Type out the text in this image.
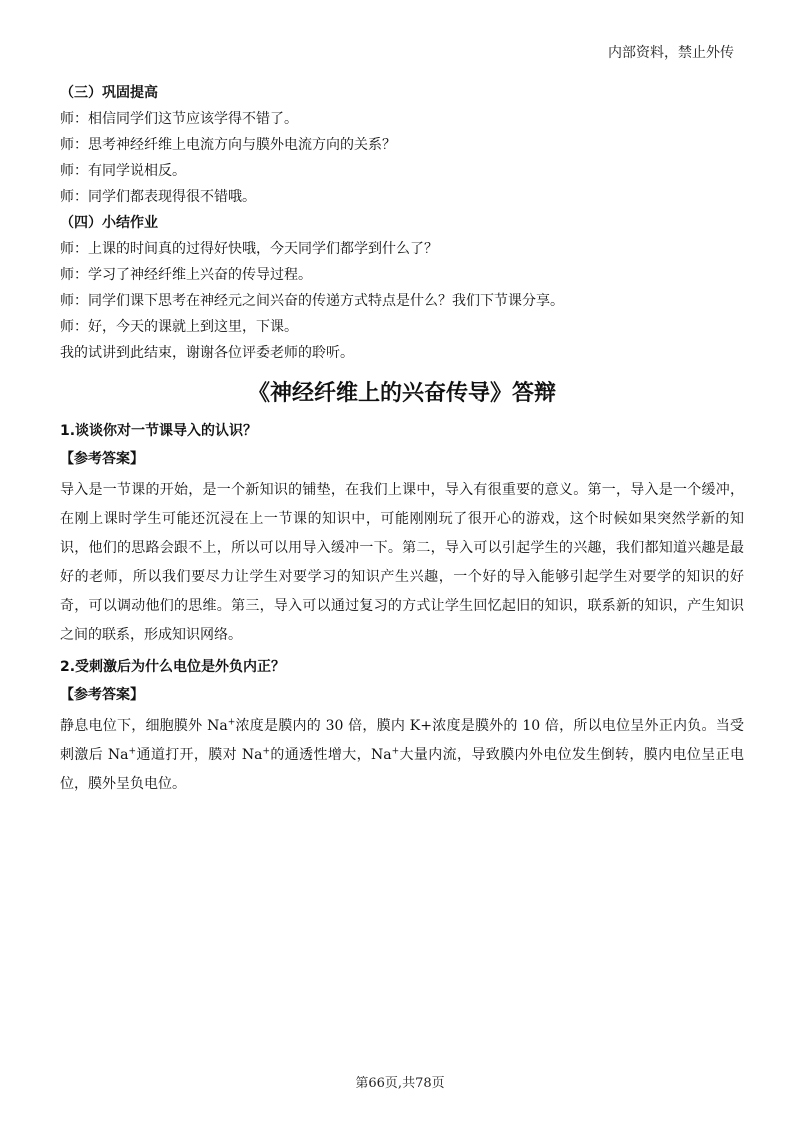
内部资料，禁止外传

（三）巩固提高

师：相信同学们这节应该学得不错了。

师：思考神经纤维上电流方向与膜外电流方向的关系？

师：有同学说相反。

师：同学们都表现得很不错哦。

（四）小结作业

师：上课的时间真的过得好快哦，今天同学们都学到什么了？

师：学习了神经纤维上兴奋的传导过程。

师：同学们课下思考在神经元之间兴奋的传递方式特点是什么？我们下节课分享。

师：好，今天的课就上到这里，下课。

我的试讲到此结束，谢谢各位评委老师的聆听。

《神经纤维上的兴奋传导》答辩

1.谈谈你对一节课导入的认识？

【参考答案】

导入是一节课的开始，是一个新知识的铺垫，在我们上课中，导入有很重要的意义。第一，导入是一个缓冲，在刚上课时学生可能还沉浸在上一节课的知识中，可能刚刚玩了很开心的游戏，这个时候如果突然学新的知识，他们的思路会跟不上，所以可以用导入缓冲一下。第二，导入可以引起学生的兴趣，我们都知道兴趣是最好的老师，所以我们要尽力让学生对要学习的知识产生兴趣，一个好的导入能够引起学生对要学的知识的好奇，可以调动他们的思维。第三，导入可以通过复习的方式让学生回忆起旧的知识，联系新的知识，产生知识之间的联系，形成知识网络。

2.受刺激后为什么电位是外负内正？

【参考答案】

静息电位下，细胞膜外 Na+浓度是膜内的 30 倍，膜内 K+浓度是膜外的 10 倍，所以电位呈外正内负。当受刺激后 Na+通道打开，膜对 Na+的通透性增大，Na+大量内流，导致膜内外电位发生倒转，膜内电位呈正电位，膜外呈负电位。

第66页,共78页
